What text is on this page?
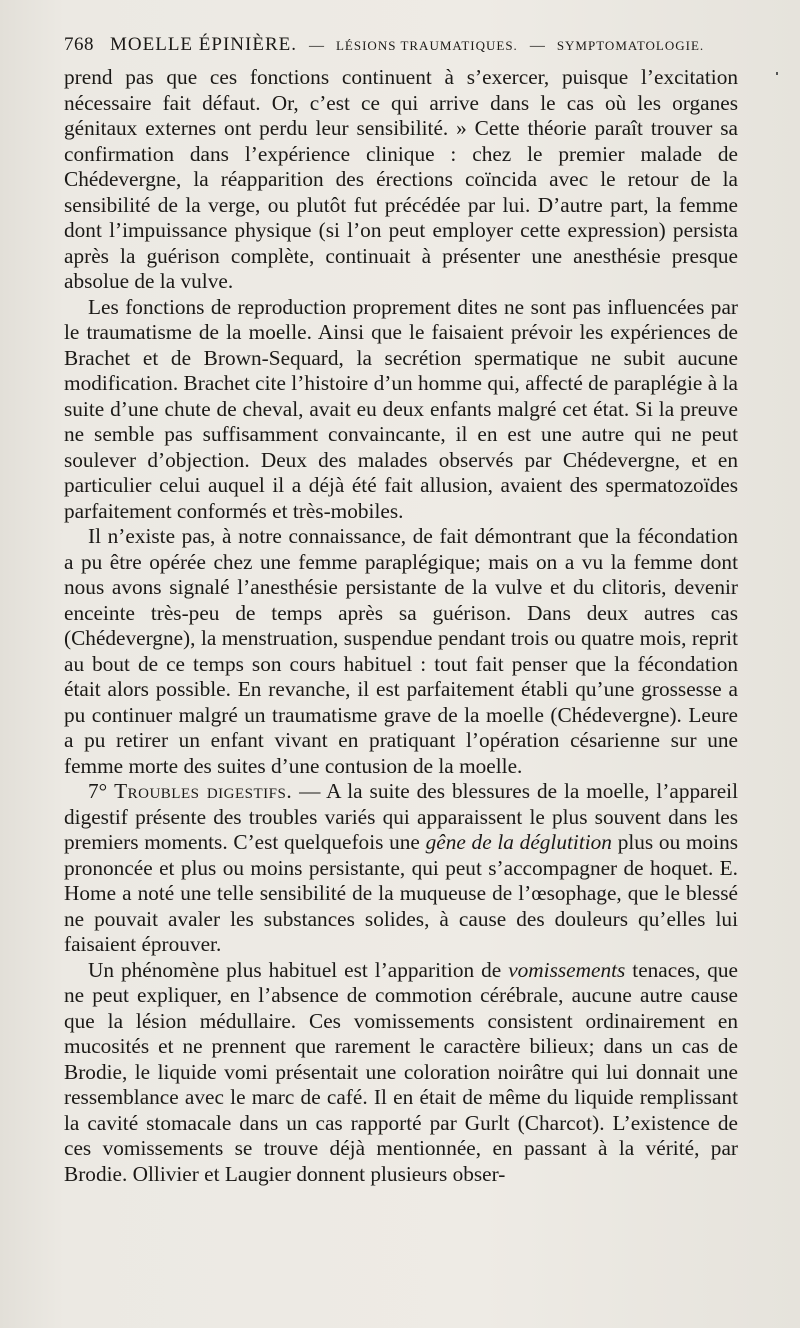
768 MOELLE ÉPINIÈRE. — LÉSIONS TRAUMATIQUES. — SYMPTOMATOLOGIE.

prend pas que ces fonctions continuent à s’exercer, puisque l’excitation nécessaire fait défaut. Or, c’est ce qui arrive dans le cas où les organes génitaux externes ont perdu leur sensibilité. » Cette théorie paraît trouver sa confirmation dans l’expérience clinique : chez le premier malade de Chédevergne, la réapparition des érections coïncida avec le retour de la sensibilité de la verge, ou plutôt fut précédée par lui. D’autre part, la femme dont l’impuissance physique (si l’on peut employer cette expression) persista après la guérison complète, continuait à présenter une anesthésie presque absolue de la vulve.

Les fonctions de reproduction proprement dites ne sont pas influencées par le traumatisme de la moelle. Ainsi que le faisaient prévoir les expériences de Brachet et de Brown-Sequard, la secrétion spermatique ne subit aucune modification. Brachet cite l’histoire d’un homme qui, affecté de paraplégie à la suite d’une chute de cheval, avait eu deux enfants malgré cet état. Si la preuve ne semble pas suffisamment convaincante, il en est une autre qui ne peut soulever d’objection. Deux des malades observés par Chédevergne, et en particulier celui auquel il a déjà été fait allusion, avaient des spermatozoïdes parfaitement conformés et très-mobiles.

Il n’existe pas, à notre connaissance, de fait démontrant que la fécondation a pu être opérée chez une femme paraplégique; mais on a vu la femme dont nous avons signalé l’anesthésie persistante de la vulve et du clitoris, devenir enceinte très-peu de temps après sa guérison. Dans deux autres cas (Chédevergne), la menstruation, suspendue pendant trois ou quatre mois, reprit au bout de ce temps son cours habituel : tout fait penser que la fécondation était alors possible. En revanche, il est parfaitement établi qu’une grossesse a pu continuer malgré un traumatisme grave de la moelle (Chédevergne). Leure a pu retirer un enfant vivant en pratiquant l’opération césarienne sur une femme morte des suites d’une contusion de la moelle.

7° Troubles digestifs. — A la suite des blessures de la moelle, l’appareil digestif présente des troubles variés qui apparaissent le plus souvent dans les premiers moments. C’est quelquefois une gêne de la déglutition plus ou moins prononcée et plus ou moins persistante, qui peut s’accompagner de hoquet. E. Home a noté une telle sensibilité de la muqueuse de l’œsophage, que le blessé ne pouvait avaler les substances solides, à cause des douleurs qu’elles lui faisaient éprouver.

Un phénomène plus habituel est l’apparition de vomissements tenaces, que ne peut expliquer, en l’absence de commotion cérébrale, aucune autre cause que la lésion médullaire. Ces vomissements consistent ordinairement en mucosités et ne prennent que rarement le caractère bilieux; dans un cas de Brodie, le liquide vomi présentait une coloration noirâtre qui lui donnait une ressemblance avec le marc de café. Il en était de même du liquide remplissant la cavité stomacale dans un cas rapporté par Gurlt (Charcot). L’existence de ces vomissements se trouve déjà mentionnée, en passant à la vérité, par Brodie. Ollivier et Laugier donnent plusieurs obser-
